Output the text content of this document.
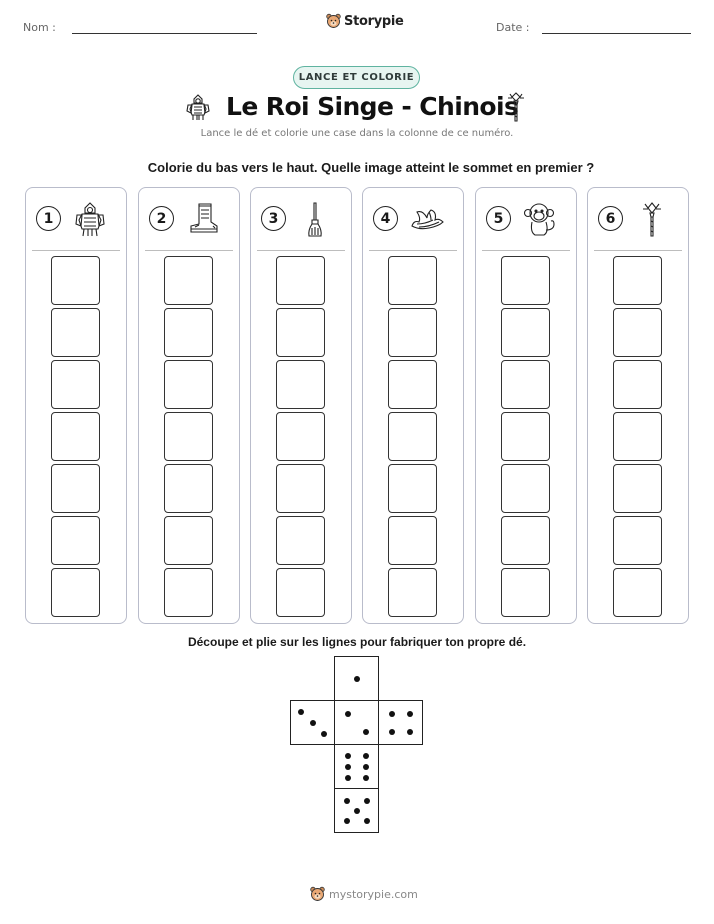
Nom :	Storypie	Date :
LANCE ET COLORIE
Le Roi Singe - Chinois
Lance le dé et colorie une case dans la colonne de ce numéro.
Colorie du bas vers le haut. Quelle image atteint le sommet en premier ?
1	2	3	4	5	6
Découpe et plie sur les lignes pour fabriquer ton propre dé.
mystorypie.com
